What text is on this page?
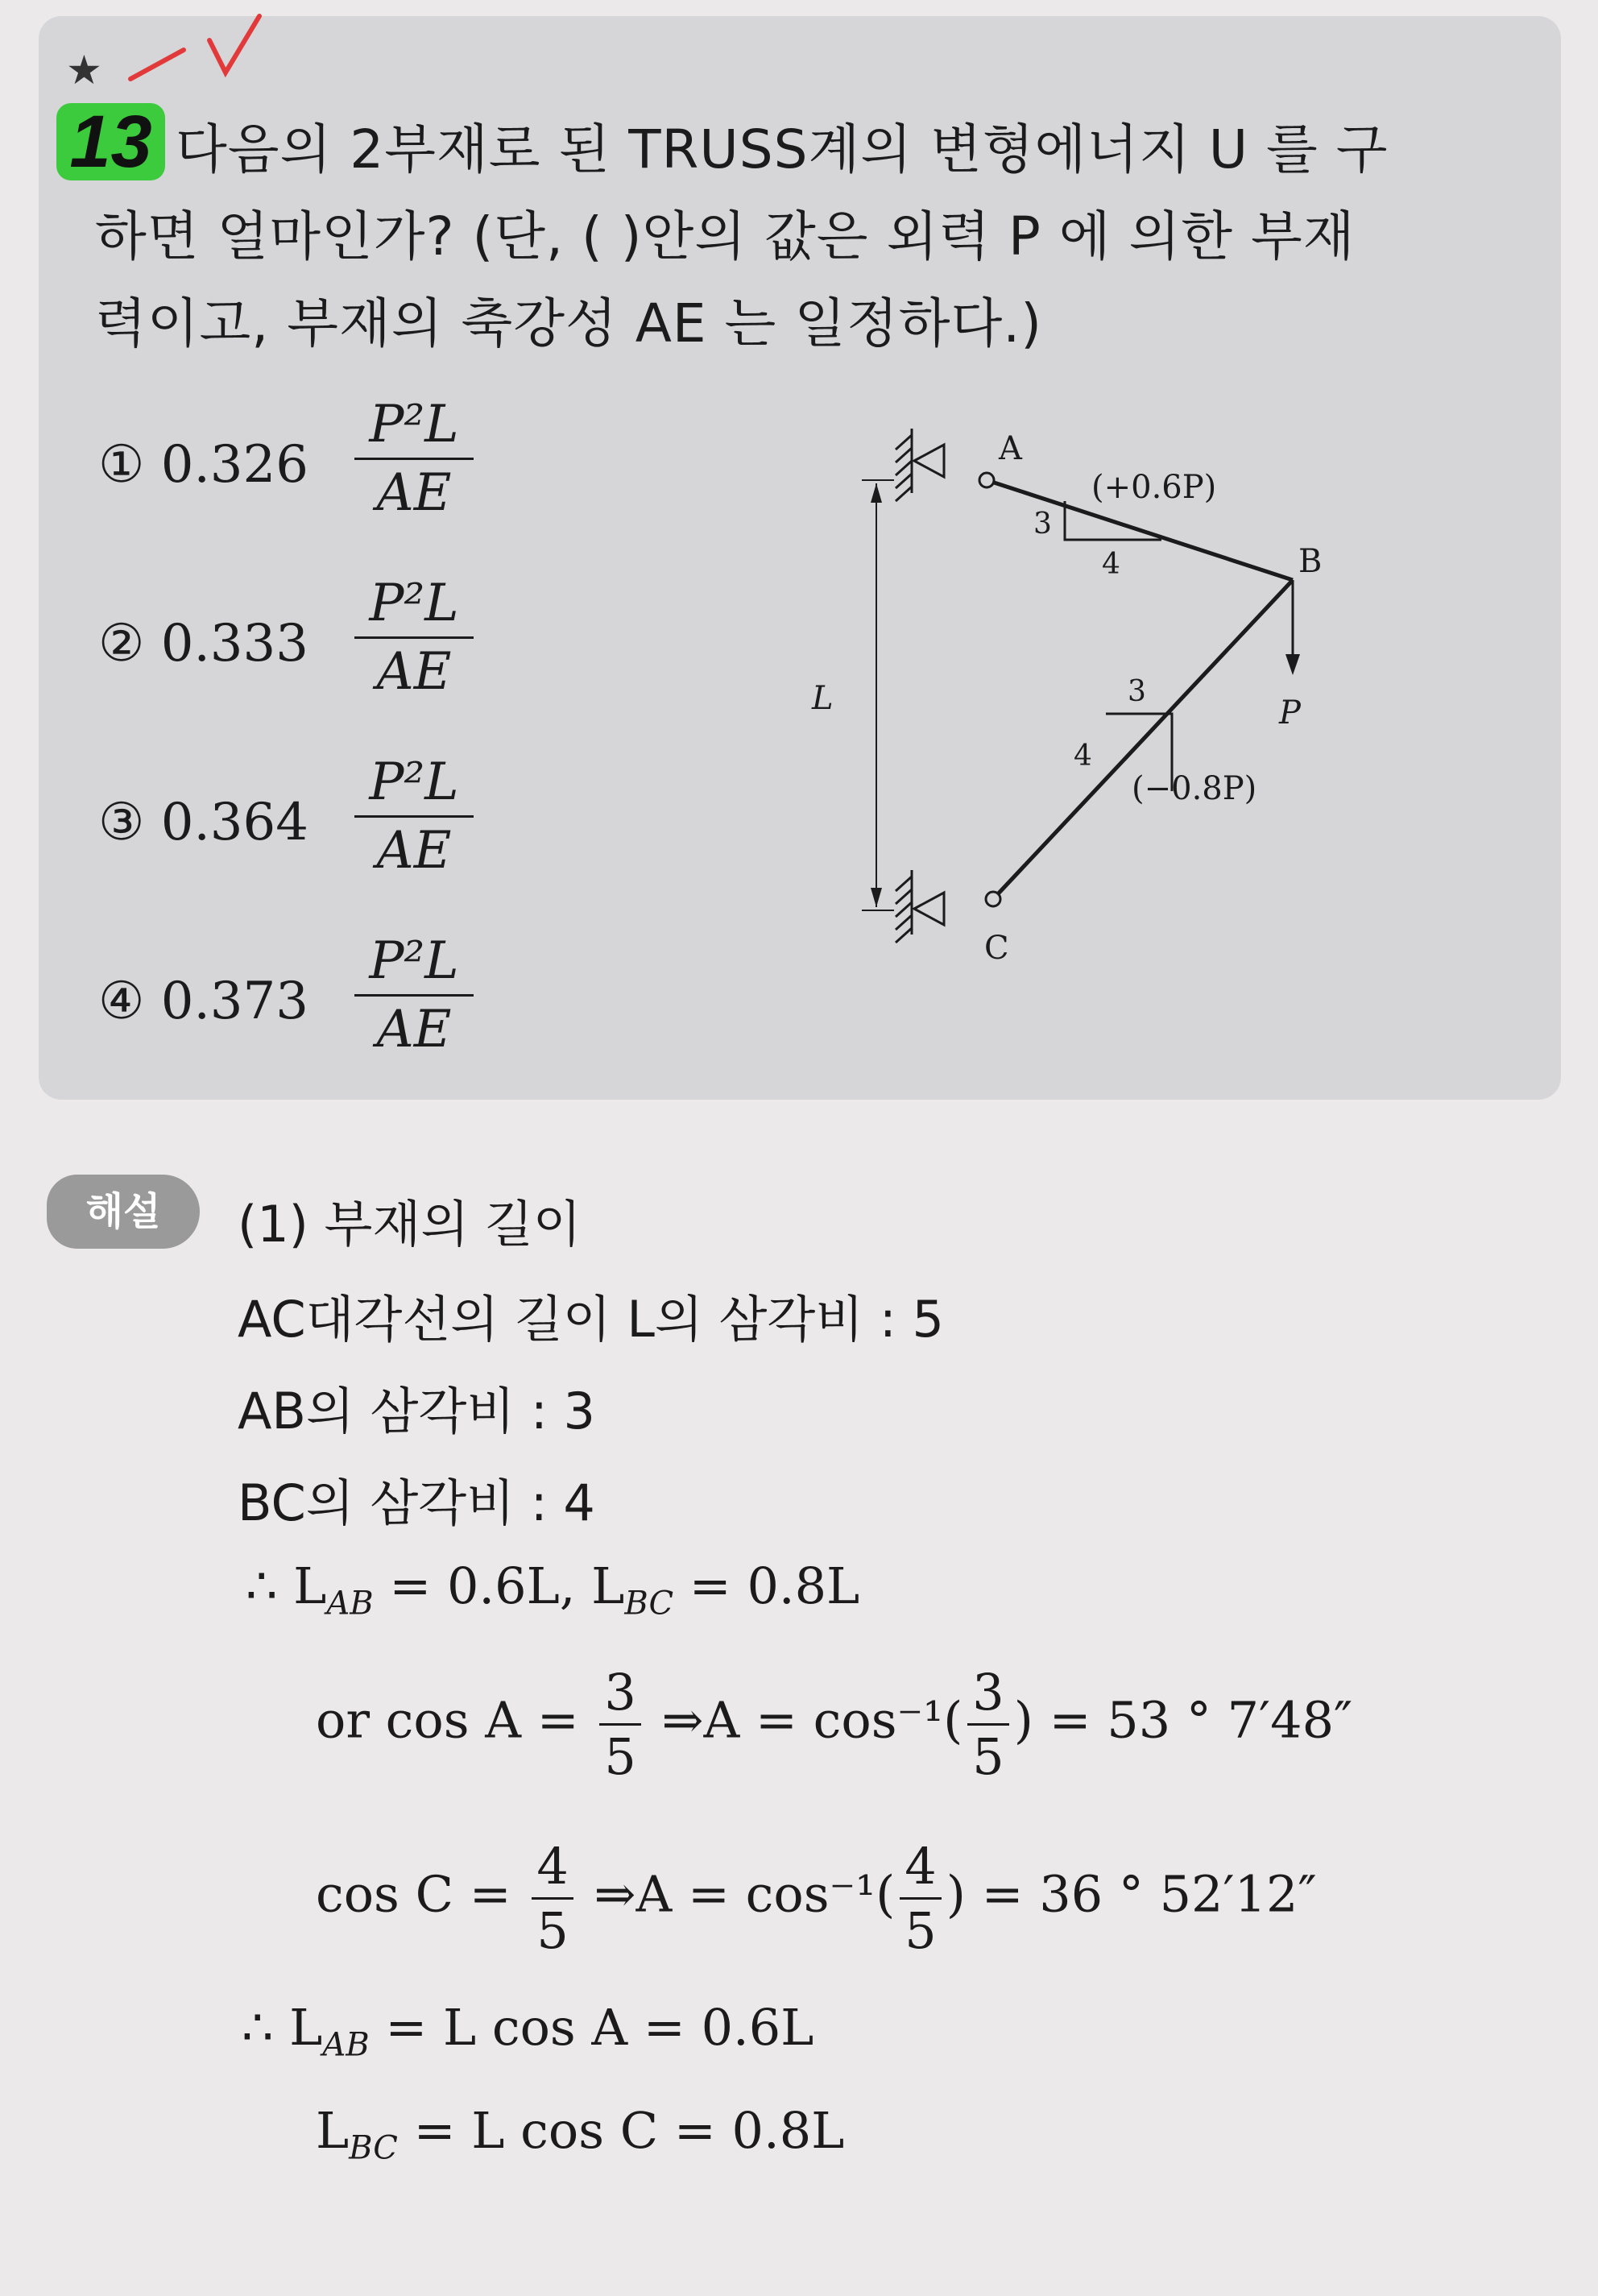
★
13 다음의 2부재로 된 TRUSS계의 변형에너지 U 를 구
하면 얼마인가? (단, ( )안의 값은 외력 P 에 의한 부재
력이고, 부재의 축강성 AE 는 일정하다.)
① $0.326 \frac{\text{P²L}}{AE}$
② $0.333 \frac{\text{P²L}}{AE}$
③ $0.364 \frac{\text{P²L}}{AE}$
④ $0.373 \frac{\text{P²L}}{AE}$
A
B
C
(+0.6P)
(−0.8P)
P
L
3
4
3
4
해설	(1) 부재의 길이
AC대각선의 길이 L의 삼각비 : 5
AB의 삼각비 : 3
BC의 삼각비 : 4
∴ $L_{AB} = 0.6L$, $L_{BC} = 0.8L$
or $\cos A = \frac{3}{5}$ ⇒A = $\cos^{-1}( \frac{3}{5}$ ) = 53 ° 7′48″
$\cos C = \frac{4}{5}$ ⇒A = $\cos^{-1}( \frac{4}{5}$ ) = 36 ° 52′12″
∴ $L_{AB} = L$ cos A = 0.6L
$L_{BC} = L$ cos C = 0.8L
